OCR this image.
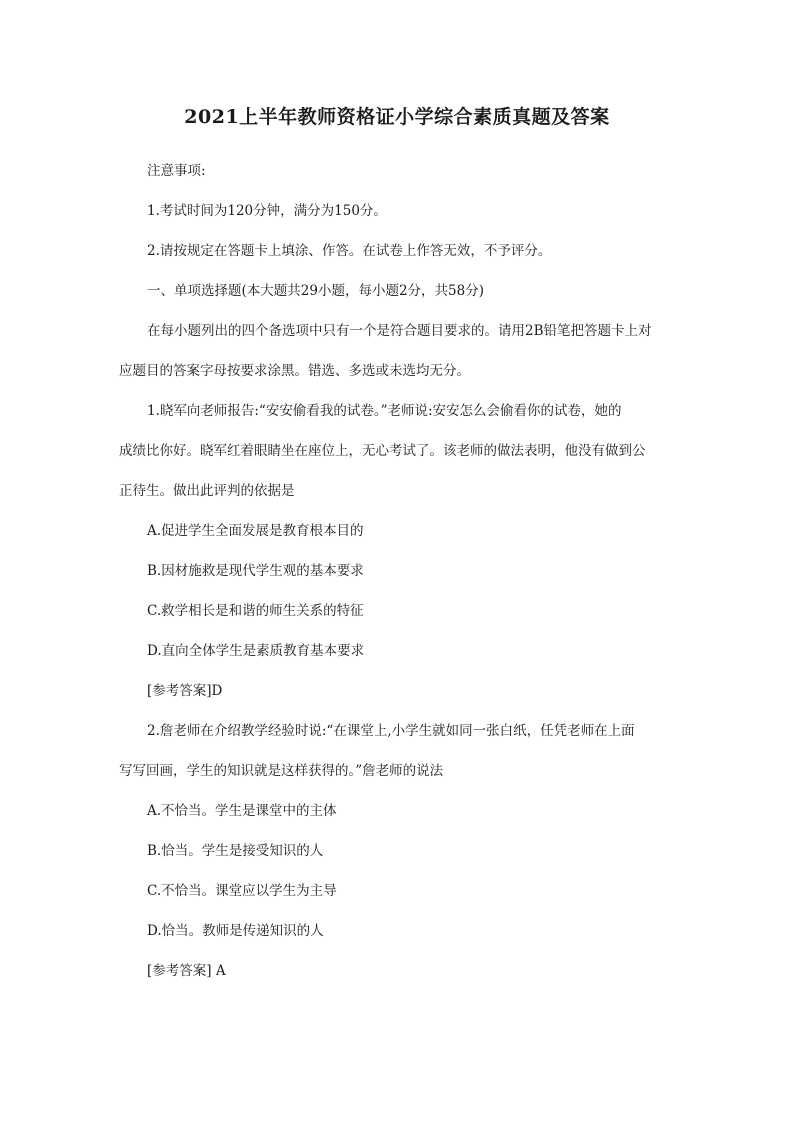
2021上半年教师资格证小学综合素质真题及答案
注意事项:
1.考试时间为120分钟，满分为150分。
2.请按规定在答题卡上填涂、作答。在试卷上作答无效，不予评分。
一、单项选择题(本大题共29小题，每小题2分，共58分)
在每小题列出的四个备选项中只有一个是符合题目要求的。请用2B铅笔把答题卡上对
应题目的答案字母按要求涂黑。错选、多选或未选均无分。
1.晓军向老师报告:“安安偷看我的试卷。”老师说:安安怎么会偷看你的试卷，她的
成绩比你好。晓军红着眼睛坐在座位上，无心考试了。该老师的做法表明，他没有做到公
正待生。做出此评判的依据是
A.促进学生全面发展是教育根本目的
B.因材施救是现代学生观的基本要求
C.救学相长是和谐的师生关系的特征
D.直向全体学生是素质教育基本要求
[参考答案]D
2.詹老师在介绍教学经验时说:“在课堂上,小学生就如同一张白纸，任凭老师在上面
写写回画，学生的知识就是这样获得的。”詹老师的说法
A.不恰当。学生是课堂中的主体
B.恰当。学生是接受知识的人
C.不恰当。课堂应以学生为主导
D.恰当。教师是传递知识的人
[参考答案] A
